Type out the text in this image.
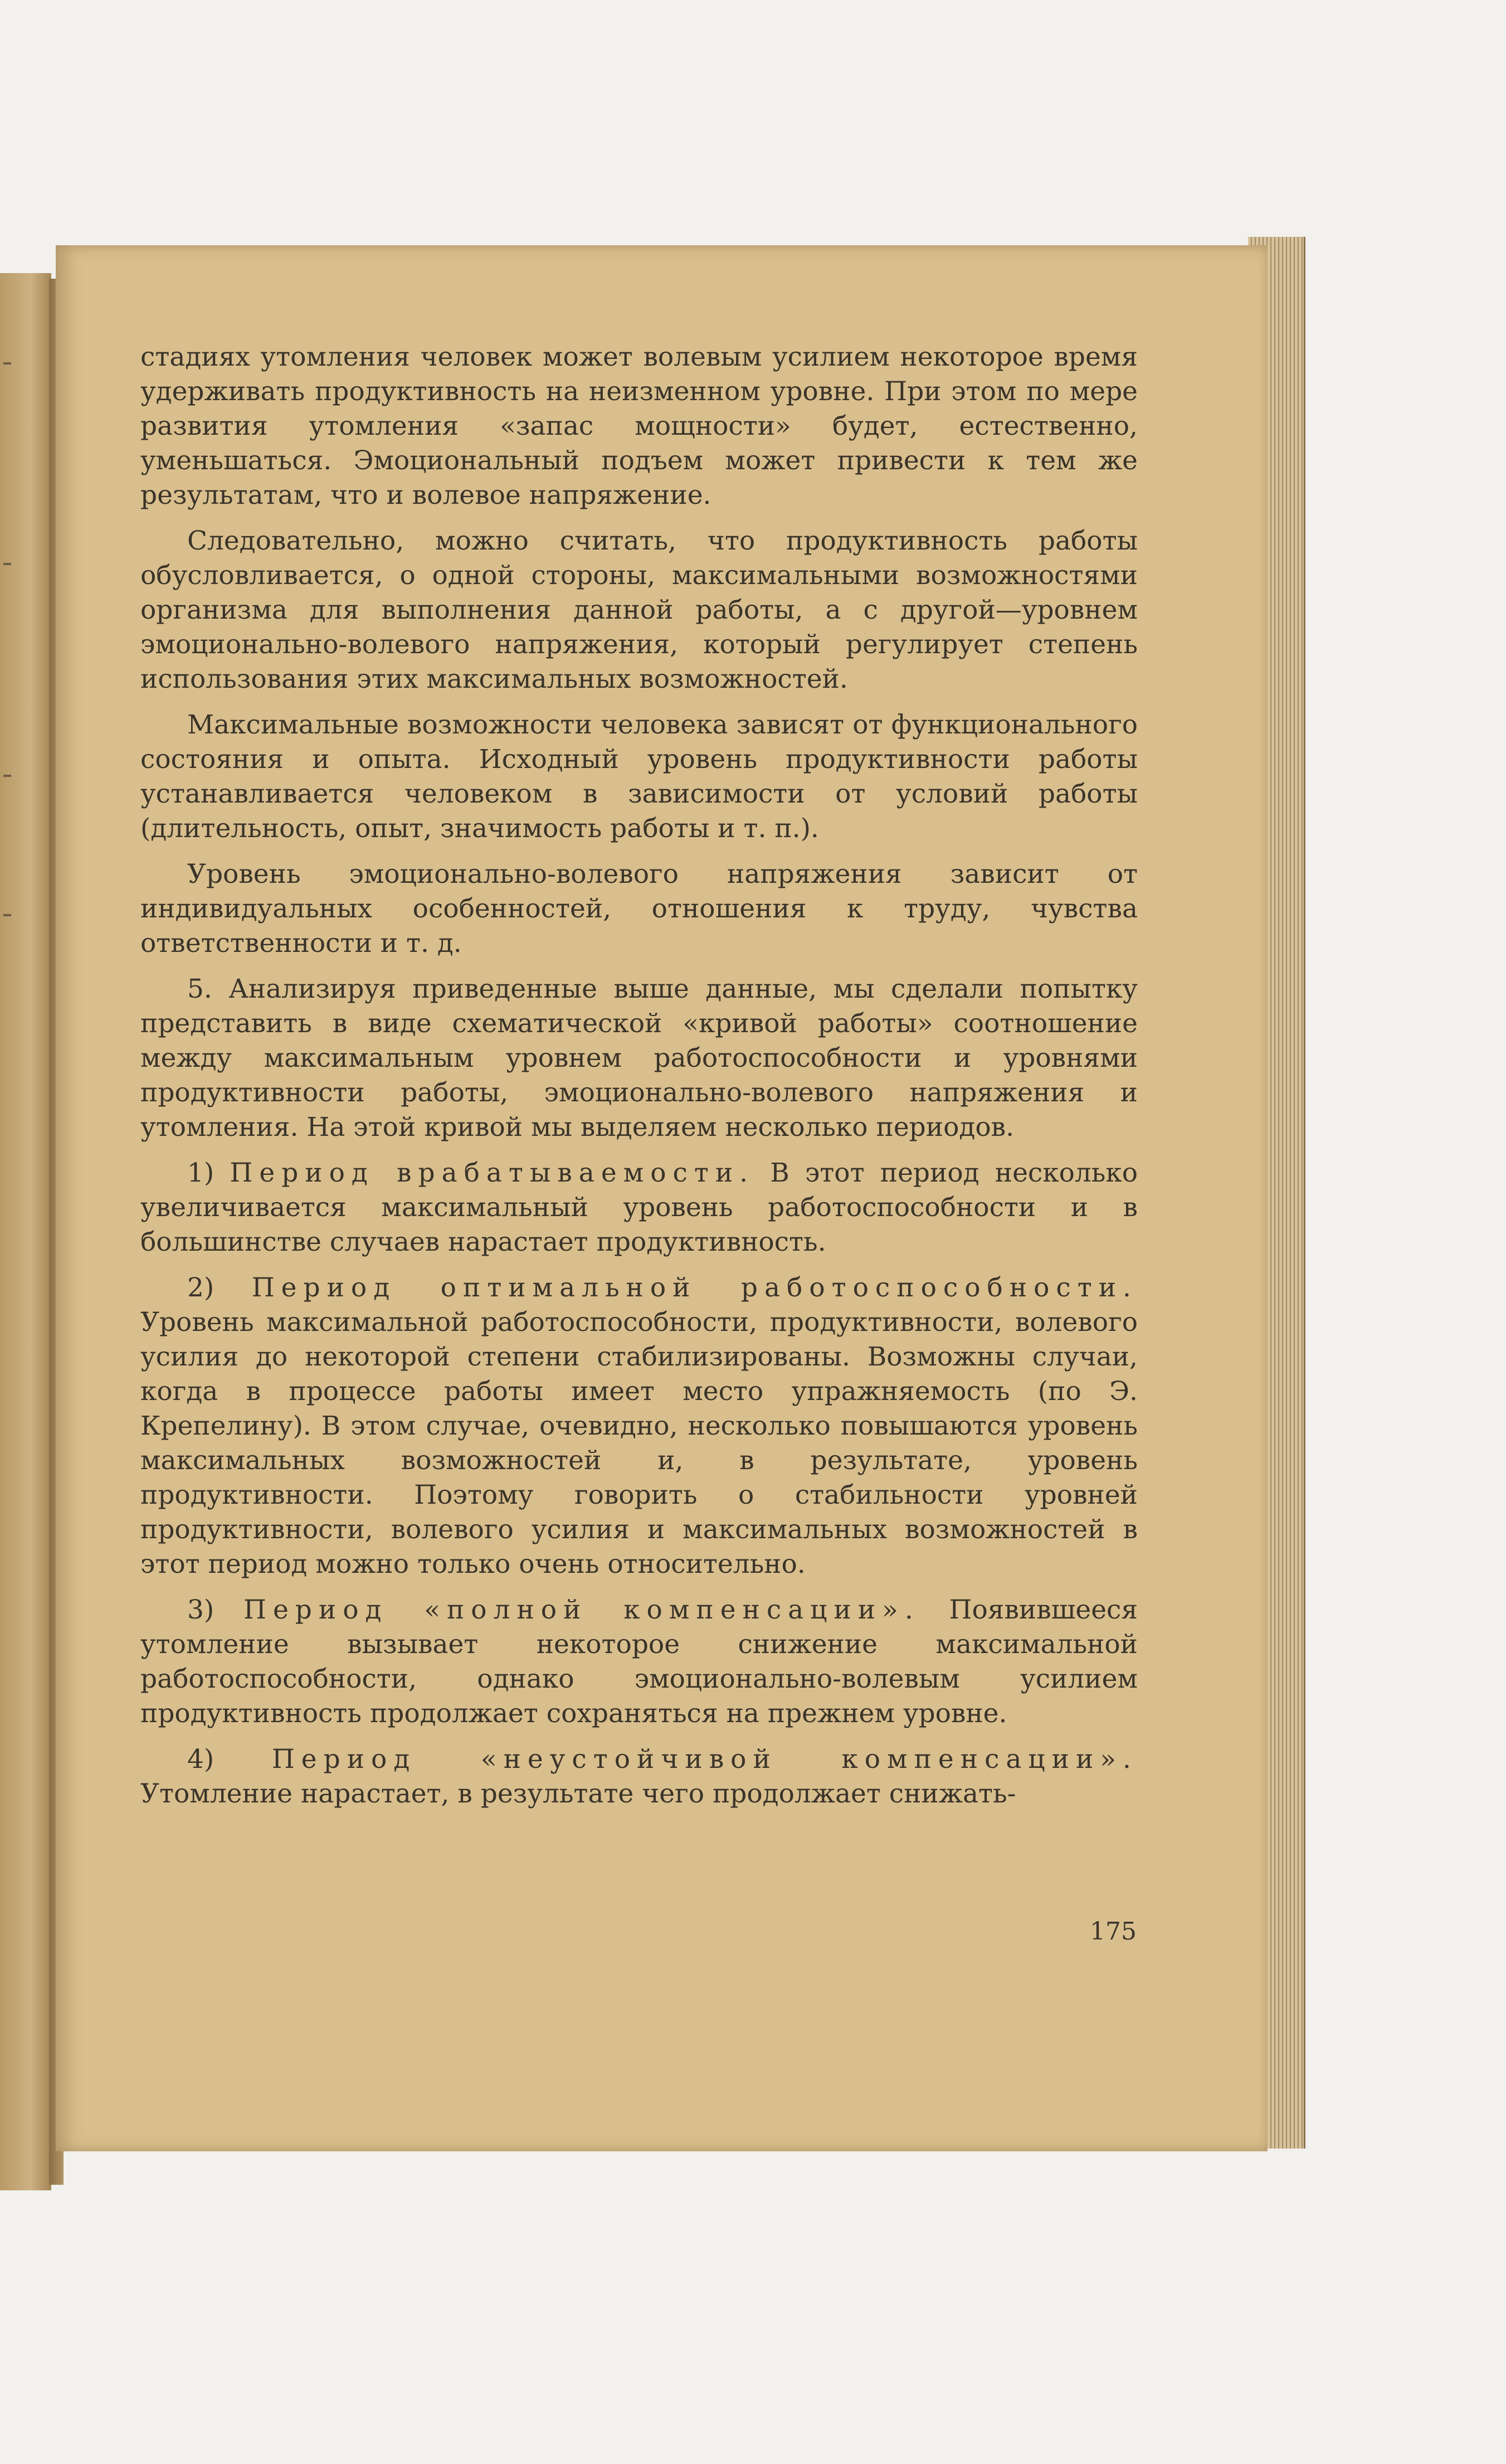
стадиях утомления человек может волевым усилием некоторое время удерживать продуктивность на неизменном уровне. При этом по мере развития утомления «запас мощности» будет, естественно, уменьшаться. Эмоциональный подъем может привести к тем же результатам, что и волевое напряжение.

Следовательно, можно считать, что продуктивность работы обусловливается, о одной стороны, максимальными возможностями организма для выполнения данной работы, а с другой—уровнем эмоционально-волевого напряжения, который регулирует степень использования этих максимальных возможностей.

Максимальные возможности человека зависят от функционального состояния и опыта. Исходный уровень продуктивности работы устанавливается человеком в зависимости от условий работы (длительность, опыт, значимость работы и т. п.).

Уровень эмоционально-волевого напряжения зависит от индивидуальных особенностей, отношения к труду, чувства ответственности и т. д.

5. Анализируя приведенные выше данные, мы сделали попытку представить в виде схематической «кривой работы» соотношение между максимальным уровнем работоспособности и уровнями продуктивности работы, эмоционально-волевого напряжения и утомления. На этой кривой мы выделяем несколько периодов.

1) Период врабатываемости. В этот период несколько увеличивается максимальный уровень работоспособности и в большинстве случаев нарастает продуктивность.

2) Период оптимальной работоспособности. Уровень максимальной работоспособности, продуктивности, волевого усилия до некоторой степени стабилизированы. Возможны случаи, когда в процессе работы имеет место упражняемость (по Э. Крепелину). В этом случае, очевидно, несколько повышаются уровень максимальных возможностей и, в результате, уровень продуктивности. Поэтому говорить о стабильности уровней продуктивности, волевого усилия и максимальных возможностей в этот период можно только очень относительно.

3) Период «полной компенсации». Появившееся утомление вызывает некоторое снижение максимальной работоспособности, однако эмоционально-волевым усилием продуктивность продолжает сохраняться на прежнем уровне.

4) Период «неустойчивой компенсации». Утомление нарастает, в результате чего продолжает снижать-

175
